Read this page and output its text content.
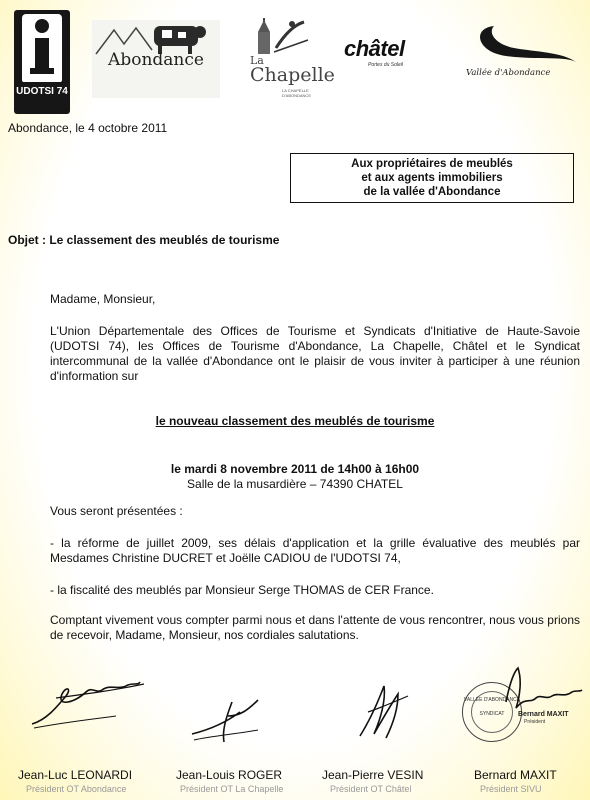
UDOTSI 74
Abondance	La
Chapelle
LA CHAPELLE D'ABONDANCE
châtel
Portes du Soleil
Vallée d'Abondance
Abondance, le 4 octobre 2011
Aux propriétaires de meublés
et aux agents immobiliers
de la vallée d'Abondance
Objet : Le classement des meublés de tourisme
Madame, Monsieur,
L'Union Départementale des Offices de Tourisme et Syndicats d'Initiative de Haute-Savoie (UDOTSI 74), les Offices de Tourisme d'Abondance, La Chapelle, Châtel et le Syndicat intercommunal de la vallée d'Abondance ont le plaisir de vous inviter à participer à une réunion d'information sur
le nouveau classement des meublés de tourisme
le mardi 8 novembre 2011 de 14h00 à 16h00
Salle de la musardière – 74390 CHATEL
Vous seront présentées :
- la réforme de juillet 2009, ses délais d'application et la grille évaluative des meublés par Mesdames Christine DUCRET et Joëlle CADIOU de l'UDOTSI 74,
- la fiscalité des meublés par Monsieur Serge THOMAS de CER France.
Comptant vivement vous compter parmi nous et dans l'attente de vous rencontrer, nous vous prions de recevoir, Madame, Monsieur, nos cordiales salutations.
VALLÉE D'ABONDANCE
SYNDICAT	Bernard MAXIT
Président
Jean-Luc LEONARDI
Président OT Abondance
Jean-Louis ROGER
Président OT La Chapelle
Jean-Pierre VESIN
Président OT Châtel
Bernard MAXIT
Président SIVU
